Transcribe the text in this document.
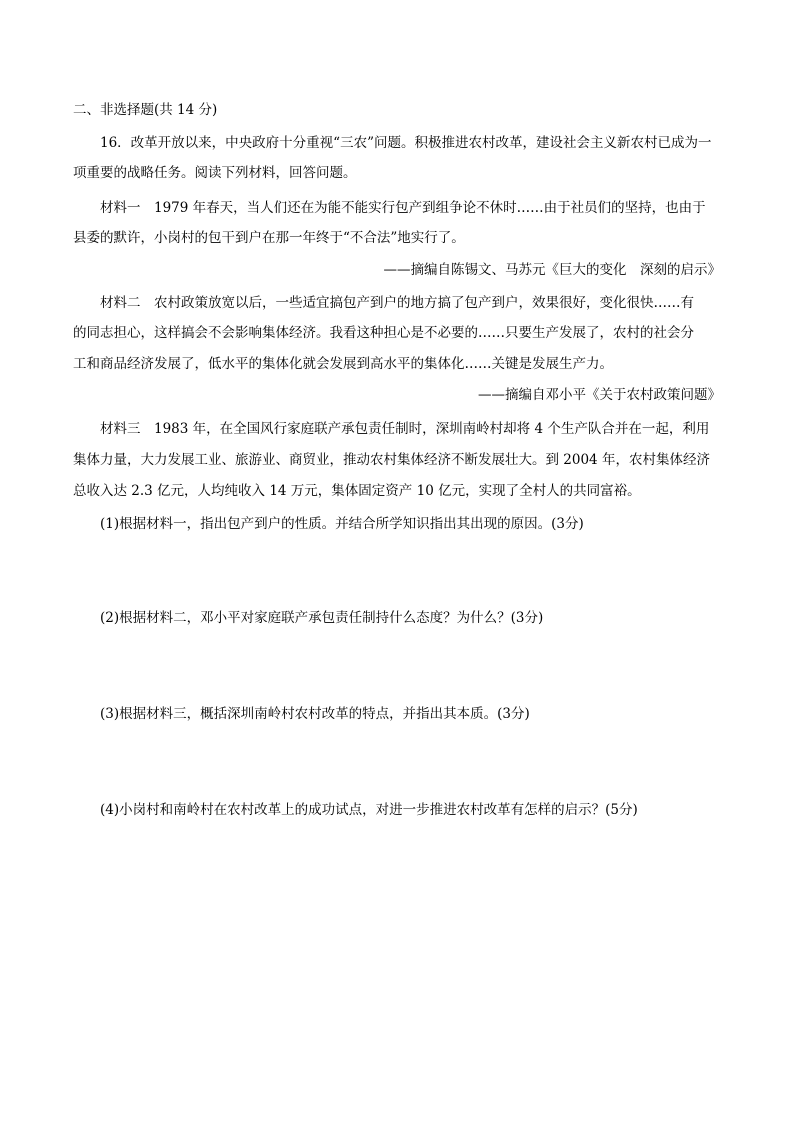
二、非选择题(共 14 分)
16．改革开放以来，中央政府十分重视“三农”问题。积极推进农村改革，建设社会主义新农村已成为一
项重要的战略任务。阅读下列材料，回答问题。
材料一　1979 年春天，当人们还在为能不能实行包产到组争论不休时……由于社员们的坚持，也由于
县委的默许，小岗村的包干到户在那一年终于“不合法”地实行了。
——摘编自陈锡文、马苏元《巨大的变化　深刻的启示》
材料二　农村政策放宽以后，一些适宜搞包产到户的地方搞了包产到户，效果很好，变化很快……有
的同志担心，这样搞会不会影响集体经济。我看这种担心是不必要的……只要生产发展了，农村的社会分
工和商品经济发展了，低水平的集体化就会发展到高水平的集体化……关键是发展生产力。
——摘编自邓小平《关于农村政策问题》
材料三　1983 年，在全国风行家庭联产承包责任制时，深圳南岭村却将 4 个生产队合并在一起，利用
集体力量，大力发展工业、旅游业、商贸业，推动农村集体经济不断发展壮大。到 2004 年，农村集体经济
总收入达 2.3 亿元，人均纯收入 14 万元，集体固定资产 10 亿元，实现了全村人的共同富裕。
(1)根据材料一，指出包产到户的性质。并结合所学知识指出其出现的原因。(3分)
(2)根据材料二，邓小平对家庭联产承包责任制持什么态度？为什么？(3分)
(3)根据材料三，概括深圳南岭村农村改革的特点，并指出其本质。(3分)
(4)小岗村和南岭村在农村改革上的成功试点，对进一步推进农村改革有怎样的启示？(5分)
